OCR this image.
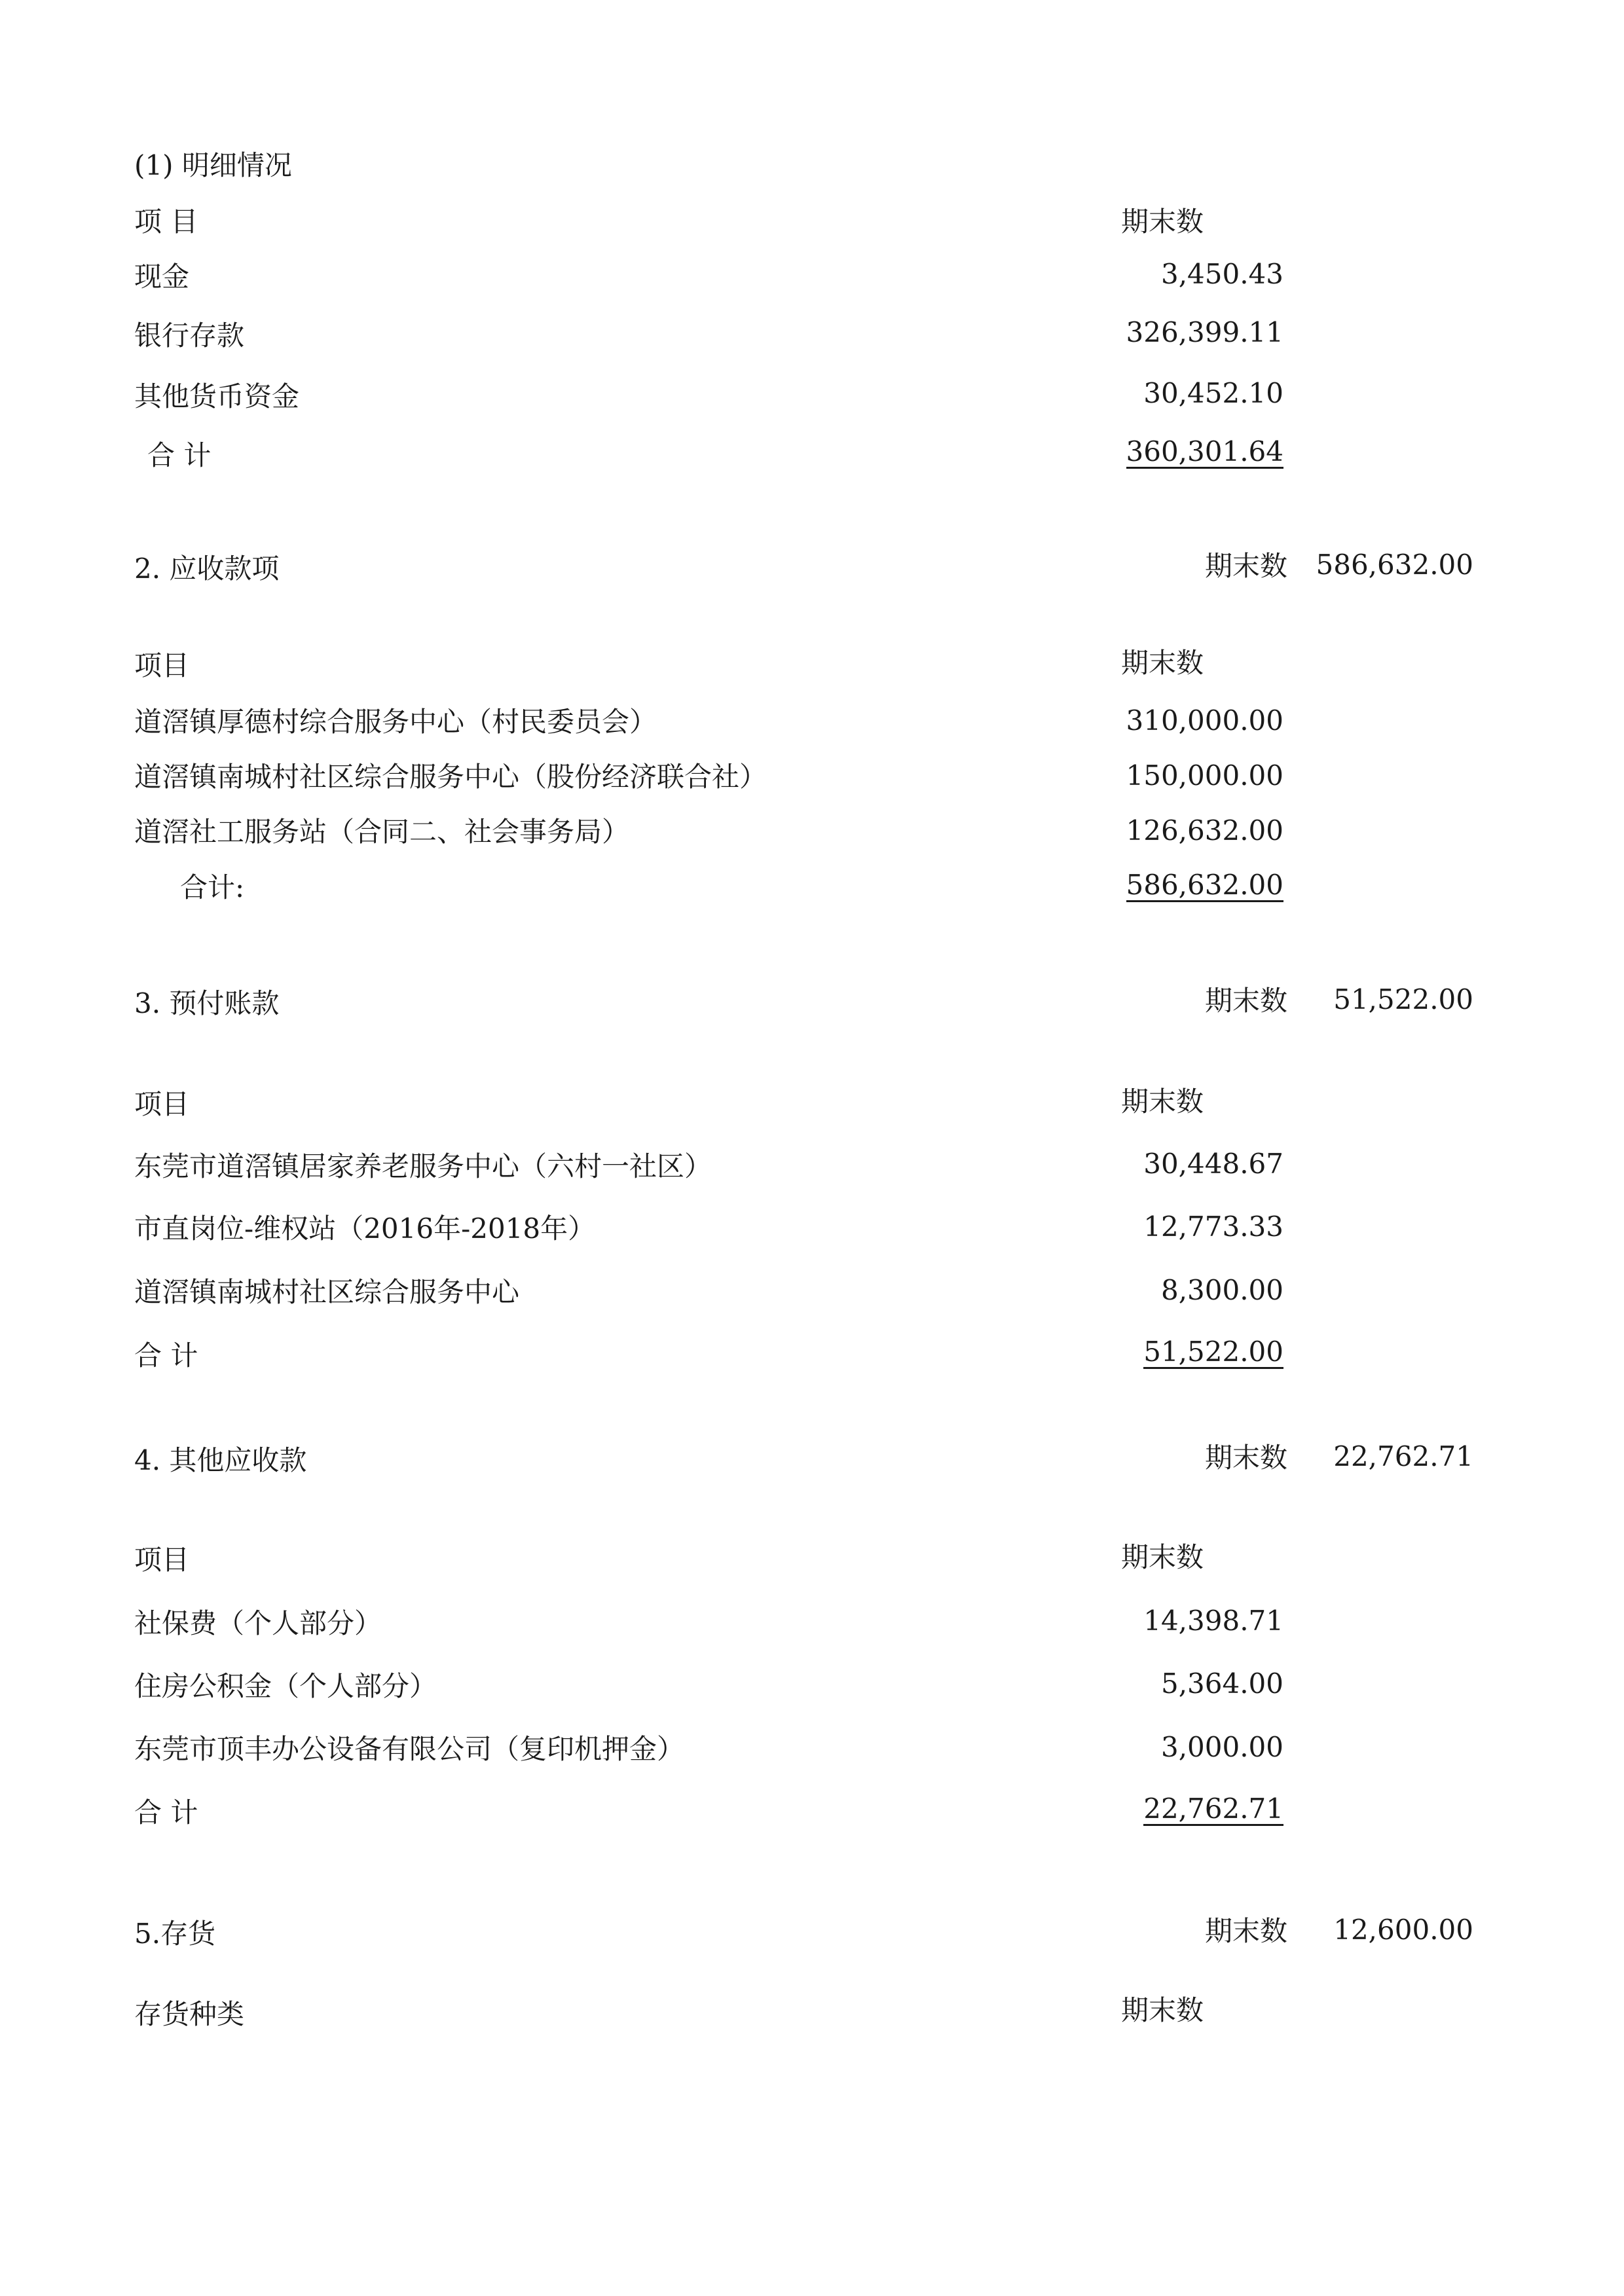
(1) 明细情况
项 目	期末数
现金	3,450.43
银行存款	326,399.11
其他货币资金	30,452.10
合 计	360,301.64
2. 应收款项	期末数 586,632.00
项目	期末数
道滘镇厚德村综合服务中心（村民委员会）	310,000.00
道滘镇南城村社区综合服务中心（股份经济联合社）	150,000.00
道滘社工服务站（合同二、社会事务局）	126,632.00
合计:	586,632.00
3. 预付账款	期末数 51,522.00
项目	期末数
东莞市道滘镇居家养老服务中心（六村一社区）	30,448.67
市直岗位-维权站（2016年-2018年）	12,773.33
道滘镇南城村社区综合服务中心	8,300.00
合 计	51,522.00
4. 其他应收款	期末数 22,762.71
项目	期末数
社保费（个人部分）	14,398.71
住房公积金（个人部分）	5,364.00
东莞市顶丰办公设备有限公司（复印机押金）	3,000.00
合 计	22,762.71
5.存货	期末数 12,600.00
存货种类	期末数
